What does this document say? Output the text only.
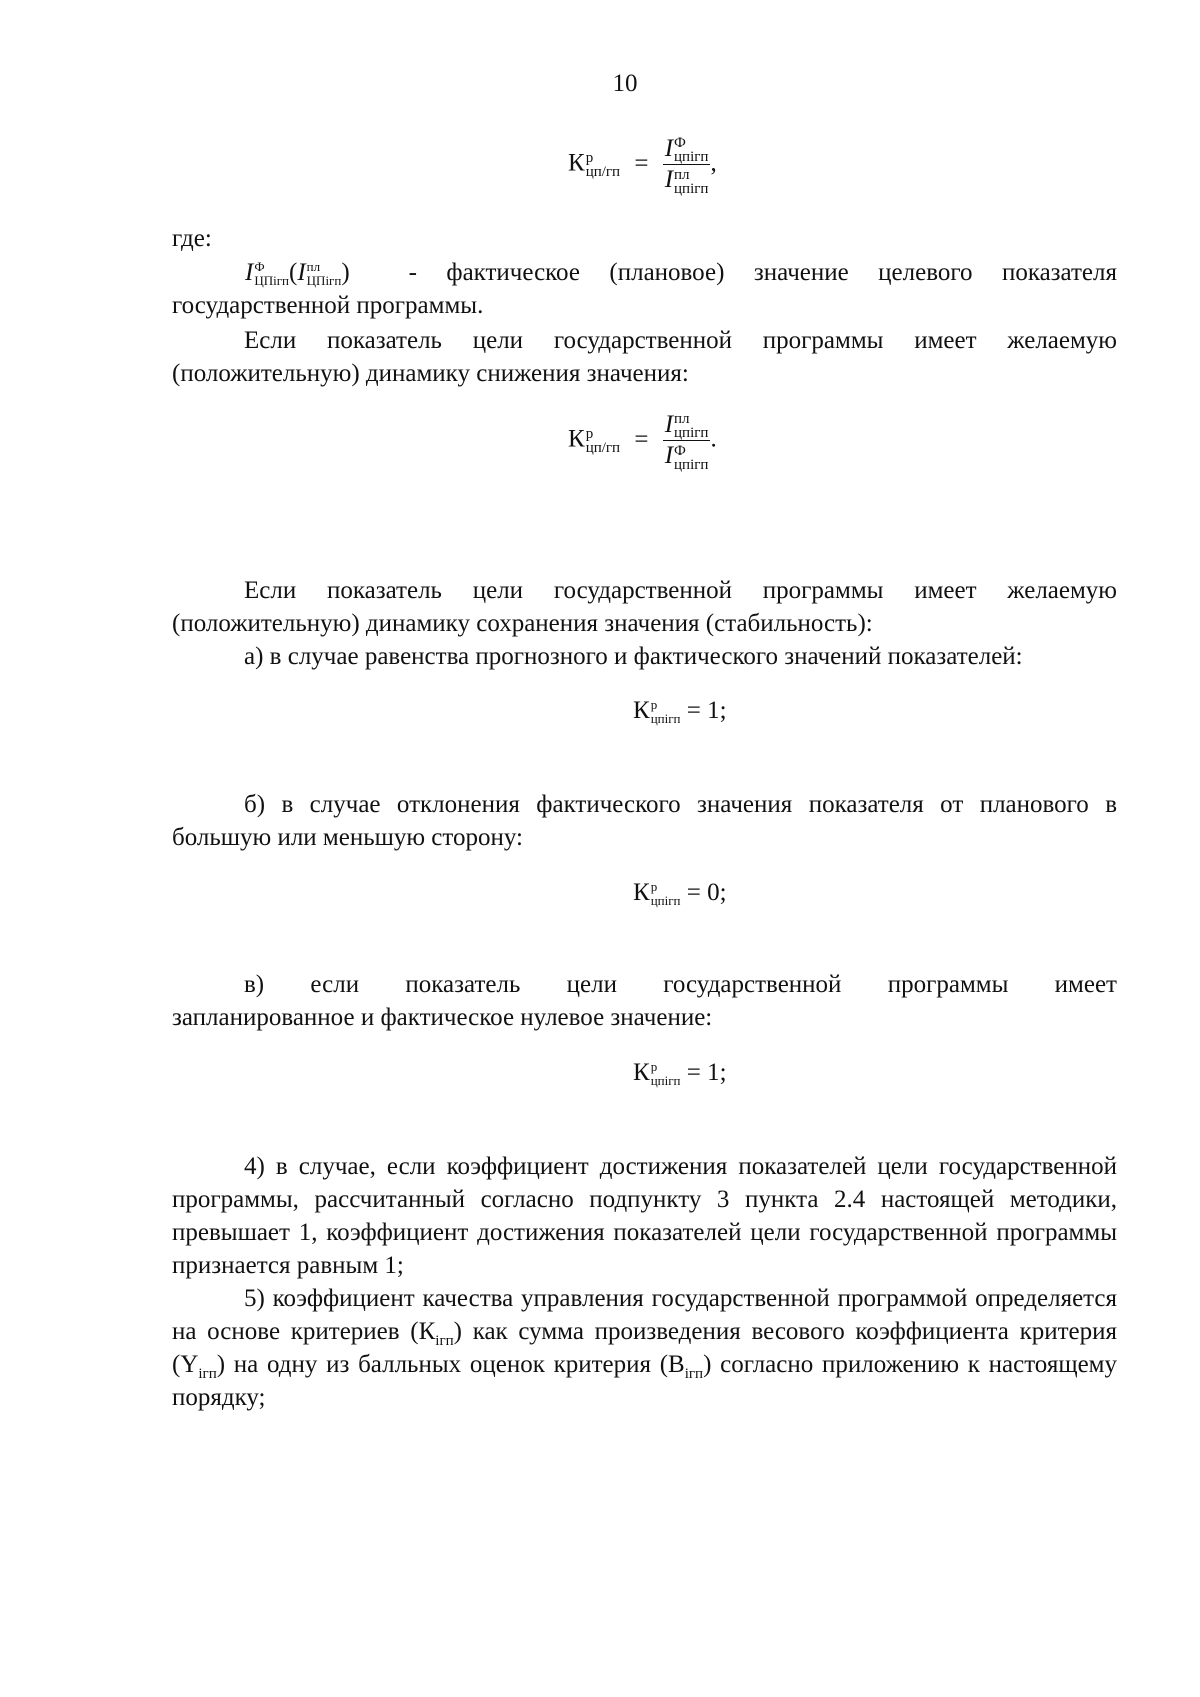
10
К р
цп/гп = I Ф
цпiгп
I пл
цпiгп ,
где:
I Ф
ЦПiгп (I пл
ЦПiгп ) - фактическое (плановое) значение целевого показателя
государственной программы.
Если показатель цели государственной программы имеет желаемую (положительную) динамику снижения значения:
К р
цп/гп = I пл
цпiгп
I Ф
цпiгп .
Если показатель цели государственной программы имеет желаемую (положительную) динамику сохранения значения (стабильность):
а) в случае равенства прогнозного и фактического значений показателей:
К р
цпiгп = 1;
б) в случае отклонения фактического значения показателя от планового в большую или меньшую сторону:
К р
цпiгп = 0;
в) если показатель цели государственной программы имеет
запланированное и фактическое нулевое значение:
К р
цпiгп = 1;
4) в случае, если коэффициент достижения показателей цели государственной программы, рассчитанный согласно подпункту 3 пункта 2.4 настоящей методики, превышает 1, коэффициент достижения показателей цели государственной программы признается равным 1;
5) коэффициент качества управления государственной программой определяется на основе критериев $(К_{iгп})$ как сумма произведения весового коэффициента критерия $(Y_{iгп})$ на одну из балльных оценок критерия $(В_{iгп})$ согласно приложению к настоящему порядку;
